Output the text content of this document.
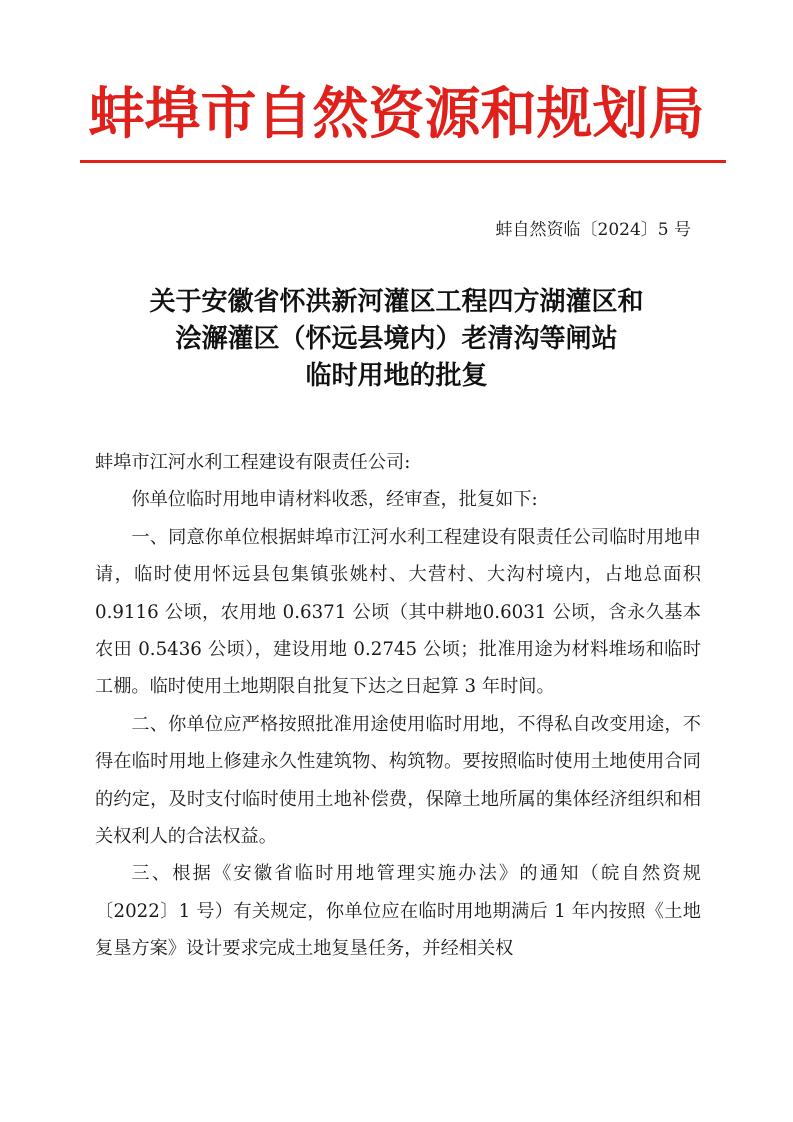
蚌埠市自然资源和规划局
蚌自然资临〔2024〕5 号
关于安徽省怀洪新河灌区工程四方湖灌区和
浍澥灌区（怀远县境内）老清沟等闸站
临时用地的批复
蚌埠市江河水利工程建设有限责任公司:

你单位临时用地申请材料收悉，经审查，批复如下:

一、同意你单位根据蚌埠市江河水利工程建设有限责任公司临时用地申请，临时使用怀远县包集镇张姚村、大营村、大沟村境内，占地总面积 0.9116 公顷，农用地 0.6371 公顷（其中耕地0.6031 公顷，含永久基本农田 0.5436 公顷），建设用地 0.2745 公顷；批准用途为材料堆场和临时工棚。临时使用土地期限自批复下达之日起算 3 年时间。

二、你单位应严格按照批准用途使用临时用地，不得私自改变用途，不得在临时用地上修建永久性建筑物、构筑物。要按照临时使用土地使用合同的约定，及时支付临时使用土地补偿费，保障土地所属的集体经济组织和相关权利人的合法权益。

三、根据《安徽省临时用地管理实施办法》的通知（皖自然资规〔2022〕1 号）有关规定，你单位应在临时用地期满后 1 年内按照《土地复垦方案》设计要求完成土地复垦任务，并经相关权
